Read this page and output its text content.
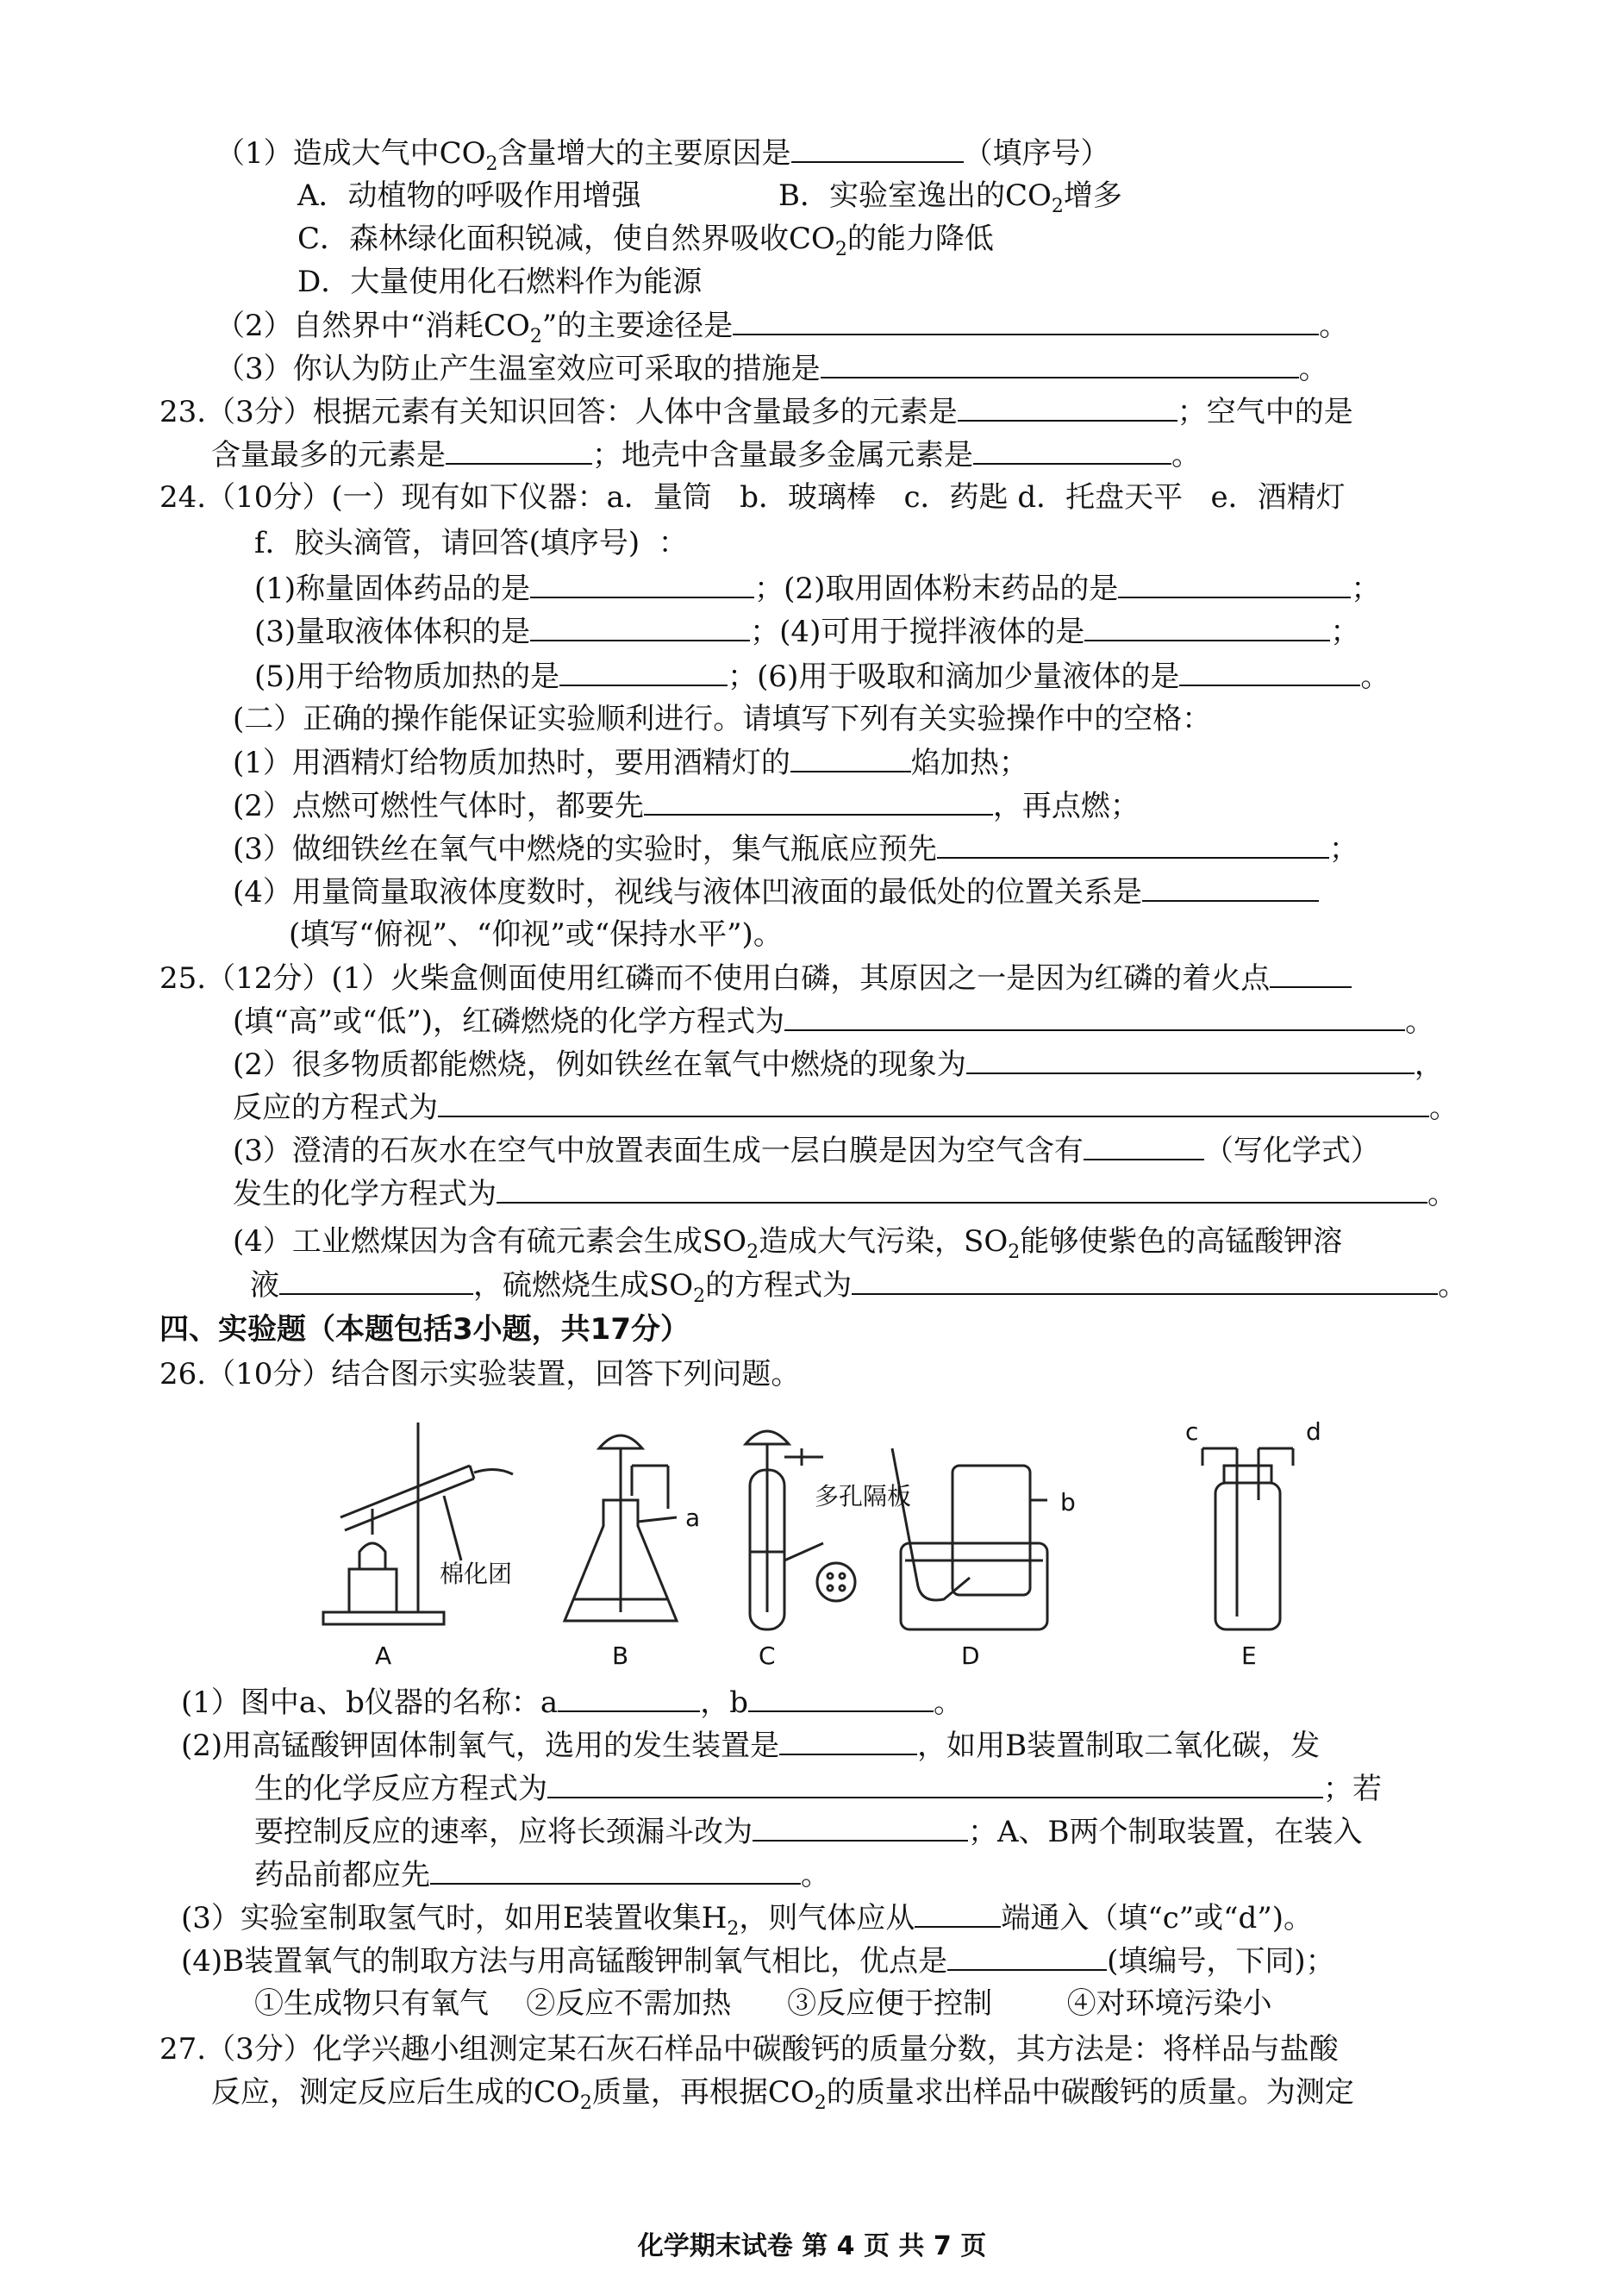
（1）造成大气中$CO_2$含量增大的主要原因是	（填序号）
A．动植物的呼吸作用增强	B．实验室逸出的$CO_2$增多
C．森林绿化面积锐减，使自然界吸收$CO_2$的能力降低
D．大量使用化石燃料作为能源
（2）自然界中“消耗$CO_2$”的主要途径是	。
（3）你认为防止产生温室效应可采取的措施是	。
23.（3分）根据元素有关知识回答：人体中含量最多的元素是	；空气中的是
含量最多的元素是	；地壳中含量最多金属元素是	。
24.（10分）(一）现有如下仪器：a．量筒   b．玻璃棒   c．药匙 d．托盘天平   e．酒精灯
f．胶头滴管，请回答(填序号)  ：
(1)称量固体药品的是	；(2)取用固体粉末药品的是	；
(3)量取液体体积的是	；(4)可用于搅拌液体的是	；
(5)用于给物质加热的是	；(6)用于吸取和滴加少量液体的是	。
(二）正确的操作能保证实验顺利进行。请填写下列有关实验操作中的空格：
(1）用酒精灯给物质加热时，要用酒精灯的	焰加热；
(2）点燃可燃性气体时，都要先	，再点燃；
(3）做细铁丝在氧气中燃烧的实验时，集气瓶底应预先	；
(4）用量筒量取液体度数时，视线与液体凹液面的最低处的位置关系是
(填写“俯视”、“仰视”或“保持水平”)。
25.（12分）(1）火柴盒侧面使用红磷而不使用白磷，其原因之一是因为红磷的着火点
(填“高”或“低”)，红磷燃烧的化学方程式为	。
(2）很多物质都能燃烧，例如铁丝在氧气中燃烧的现象为	，
反应的方程式为	。
(3）澄清的石灰水在空气中放置表面生成一层白膜是因为空气含有	（写化学式）
发生的化学方程式为	。
(4）工业燃煤因为含有硫元素会生成$SO_2$造成大气污染，$SO_2$能够使紫色的高锰酸钾溶
液	，硫燃烧生成$SO_2$的方程式为	。
四、实验题（本题包括3小题，共17分）
26.（10分）结合图示实验装置，回答下列问题。
A	B	C	D	E
a
b
c	d
棉化团
多孔隔板
(1）图中a、b仪器的名称：a	，b	。
(2)用高锰酸钾固体制氧气，选用的发生装置是	，如用B装置制取二氧化碳，发
生的化学反应方程式为	；若
要控制反应的速率，应将长颈漏斗改为	；A、B两个制取装置，在装入
药品前都应先	。
(3）实验室制取氢气时，如用E装置收集$H_2$，则气体应从	端通入（填“c”或“d”)。
(4)B装置氧气的制取方法与用高锰酸钾制氧气相比，优点是	(填编号，下同)；
①生成物只有氧气 ②反应不需加热 ③反应便于控制	④对环境污染小
27.（3分）化学兴趣小组测定某石灰石样品中碳酸钙的质量分数，其方法是：将样品与盐酸
反应，测定反应后生成的$CO_2$质量，再根据$CO_2$的质量求出样品中碳酸钙的质量。为测定
化学期末试卷 第 4 页 共 7 页
